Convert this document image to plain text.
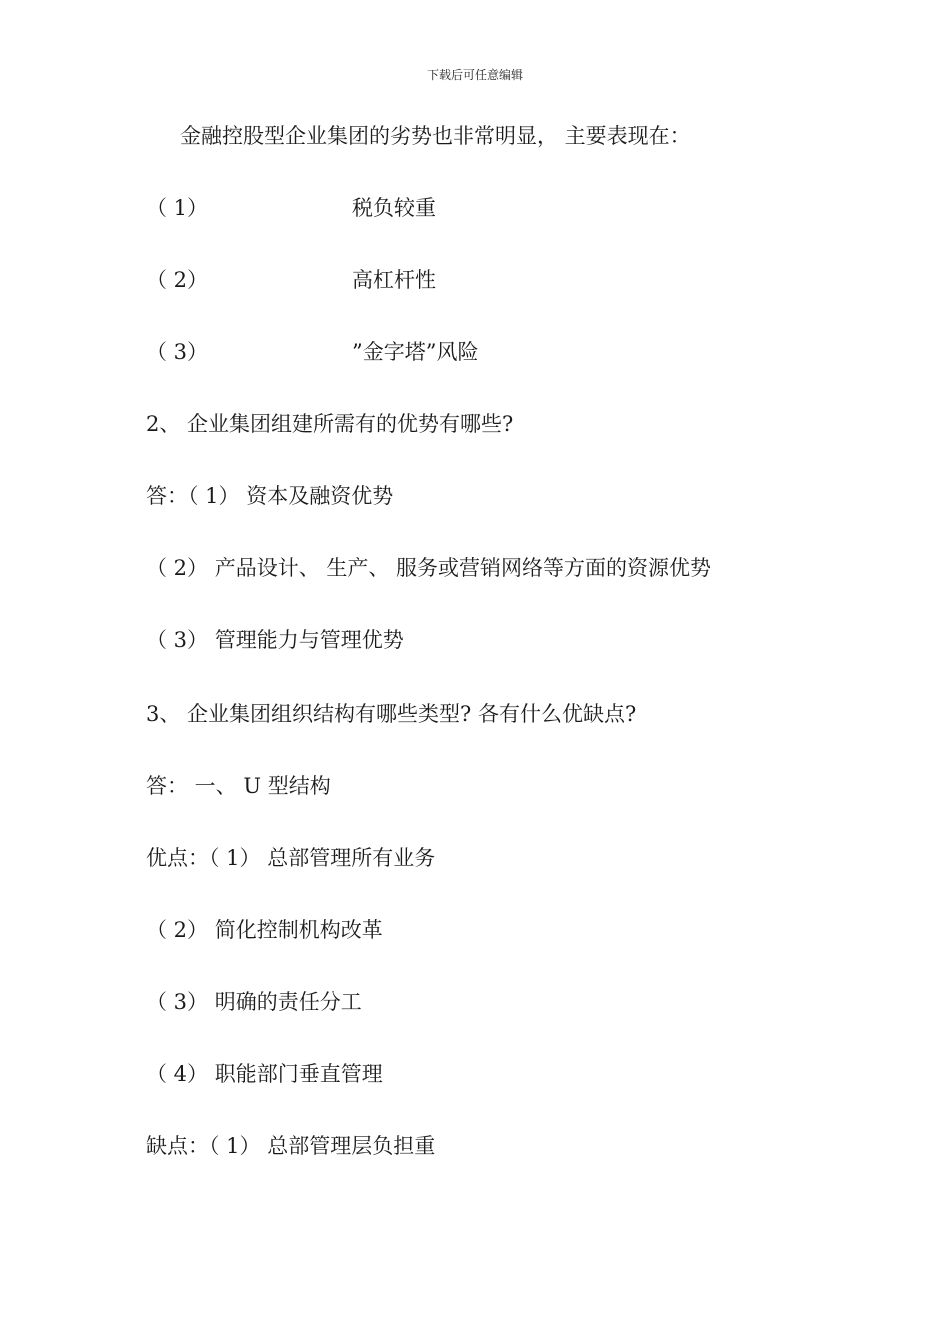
下载后可任意编辑
金融控股型企业集团的劣势也非常明显， 主要表现在：
（ 1）	税负较重
（ 2）	高杠杆性
（ 3）	”金字塔”风险
2、 企业集团组建所需有的优势有哪些?
答：（ 1） 资本及融资优势
（ 2） 产品设计、 生产、 服务或营销网络等方面的资源优势
（ 3） 管理能力与管理优势
3、 企业集团组织结构有哪些类型? 各有什么优缺点?
答： 一、 U 型结构
优点：（ 1） 总部管理所有业务
（ 2） 简化控制机构改革
（ 3） 明确的责任分工
（ 4） 职能部门垂直管理
缺点：（ 1） 总部管理层负担重
